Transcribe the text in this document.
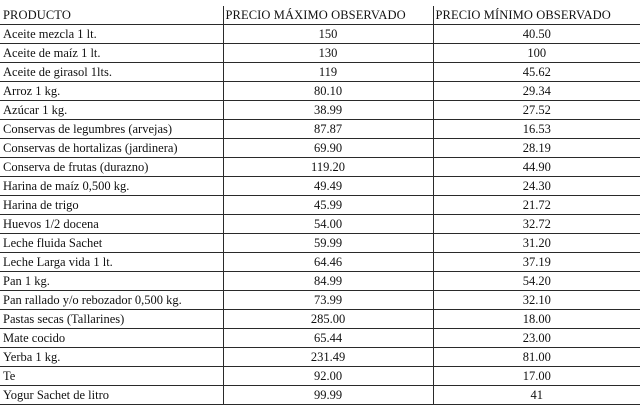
PRODUCTO	PRECIO MÁXIMO OBSERVADO	PRECIO MÍNIMO OBSERVADO
Aceite mezcla 1 lt.	150	40.50
Aceite de maíz 1 lt.	130	100
Aceite de girasol 1lts.	119	45.62
Arroz 1 kg.	80.10	29.34
Azúcar 1 kg.	38.99	27.52
Conservas de legumbres (arvejas)	87.87	16.53
Conservas de hortalizas (jardinera)	69.90	28.19
Conserva de frutas (durazno)	119.20	44.90
Harina de maíz 0,500 kg.	49.49	24.30
Harina de trigo	45.99	21.72
Huevos 1/2 docena	54.00	32.72
Leche fluida Sachet	59.99	31.20
Leche Larga vida 1 lt.	64.46	37.19
Pan 1 kg.	84.99	54.20
Pan rallado y/o rebozador 0,500 kg.	73.99	32.10
Pastas secas (Tallarines)	285.00	18.00
Mate cocido	65.44	23.00
Yerba 1 kg.	231.49	81.00
Te	92.00	17.00
Yogur Sachet de litro	99.99	41
